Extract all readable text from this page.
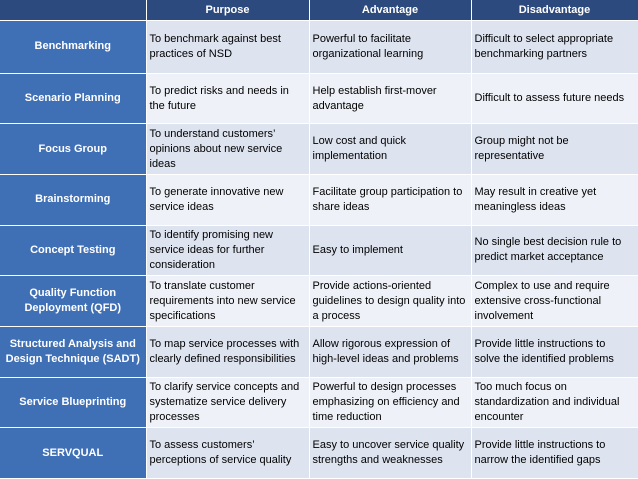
	Purpose	Advantage	Disadvantage
Benchmarking	To benchmark against best practices of NSD	Powerful to facilitate organizational learning	Difficult to select appropriate benchmarking partners
Scenario Planning	To predict risks and needs in the future	Help establish first-mover advantage	Difficult to assess future needs
Focus Group	To understand customers’ opinions about new service ideas	Low cost and quick implementation	Group might not be representative
Brainstorming	To generate innovative new service ideas	Facilitate group participation to share ideas	May result in creative yet meaningless ideas
Concept Testing	To identify promising new service ideas for further consideration	Easy to implement	No single best decision rule to predict market acceptance
Quality Function Deployment (QFD)	To translate customer requirements into new service specifications	Provide actions-oriented guidelines to design quality into a process	Complex to use and require extensive cross-functional involvement
Structured Analysis and Design Technique (SADT)	To map service processes with clearly defined responsibilities	Allow rigorous expression of high-level ideas and problems	Provide little instructions to solve the identified problems
Service Blueprinting	To clarify service concepts and systematize service delivery processes	Powerful to design processes emphasizing on efficiency and time reduction	Too much focus on standardization and individual encounter
SERVQUAL	To assess customers’ perceptions of service quality	Easy to uncover service quality strengths and weaknesses	Provide little instructions to narrow the identified gaps
